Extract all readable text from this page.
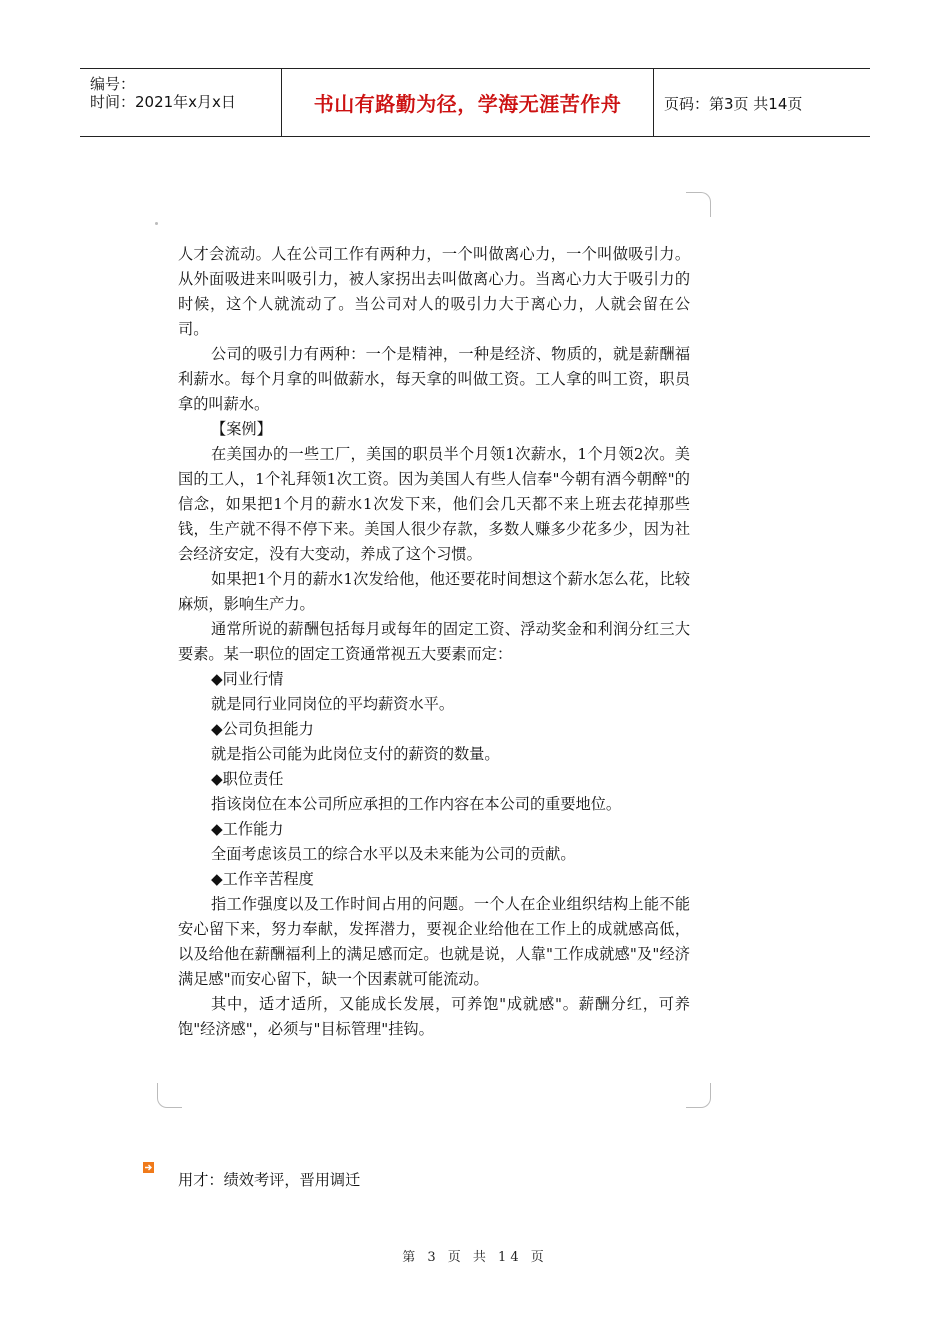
编号：
时间：2021年x月x日	书山有路勤为径，学海无涯苦作舟	页码：第3页 共14页

人才会流动。人在公司工作有两种力，一个叫做离心力，一个叫做吸引力。从外面吸进来叫吸引力，被人家拐出去叫做离心力。当离心力大于吸引力的时候，这个人就流动了。当公司对人的吸引力大于离心力，人就会留在公司。

公司的吸引力有两种：一个是精神，一种是经济、物质的，就是薪酬福利薪水。每个月拿的叫做薪水，每天拿的叫做工资。工人拿的叫工资，职员拿的叫薪水。

【案例】

在美国办的一些工厂，美国的职员半个月领1次薪水，1个月领2次。美国的工人，1个礼拜领1次工资。因为美国人有些人信奉"今朝有酒今朝醉"的信念，如果把1个月的薪水1次发下来，他们会几天都不来上班去花掉那些钱，生产就不得不停下来。美国人很少存款，多数人赚多少花多少，因为社会经济安定，没有大变动，养成了这个习惯。

如果把1个月的薪水1次发给他，他还要花时间想这个薪水怎么花，比较麻烦，影响生产力。

通常所说的薪酬包括每月或每年的固定工资、浮动奖金和利润分红三大要素。某一职位的固定工资通常视五大要素而定：

◆同业行情

就是同行业同岗位的平均薪资水平。

◆公司负担能力

就是指公司能为此岗位支付的薪资的数量。

◆职位责任

指该岗位在本公司所应承担的工作内容在本公司的重要地位。

◆工作能力

全面考虑该员工的综合水平以及未来能为公司的贡献。

◆工作辛苦程度

指工作强度以及工作时间占用的问题。一个人在企业组织结构上能不能安心留下来，努力奉献，发挥潜力，要视企业给他在工作上的成就感高低，以及给他在薪酬福利上的满足感而定。也就是说，人靠"工作成就感"及"经济满足感"而安心留下，缺一个因素就可能流动。

其中，适才适所，又能成长发展，可养饱"成就感"。薪酬分红，可养饱"经济感"，必须与"目标管理"挂钩。

用才：绩效考评，晋用调迁
第 3 页 共 14 页
